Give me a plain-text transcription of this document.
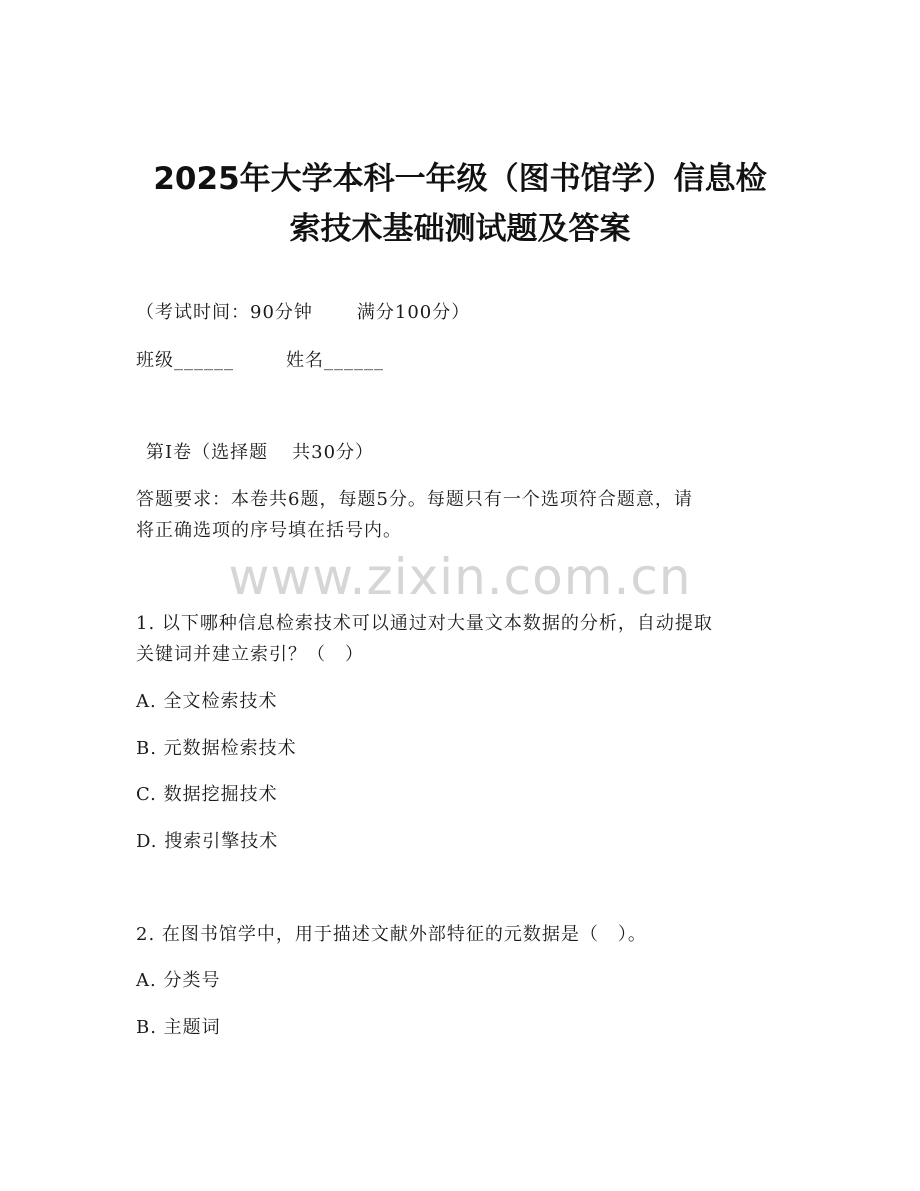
2025年大学本科一年级（图书馆学）信息检
索技术基础测试题及答案
（考试时间：90分钟 满分100分）
班级______	姓名______
第Ⅰ卷（选择题 共30分）
答题要求：本卷共6题，每题5分。每题只有一个选项符合题意，请
将正确选项的序号填在括号内。
www.zixin.com.cn
1. 以下哪种信息检索技术可以通过对大量文本数据的分析，自动提取
关键词并建立索引？（　）
A. 全文检索技术
B. 元数据检索技术
C. 数据挖掘技术
D. 搜索引擎技术
2. 在图书馆学中，用于描述文献外部特征的元数据是（　）。
A. 分类号
B. 主题词
